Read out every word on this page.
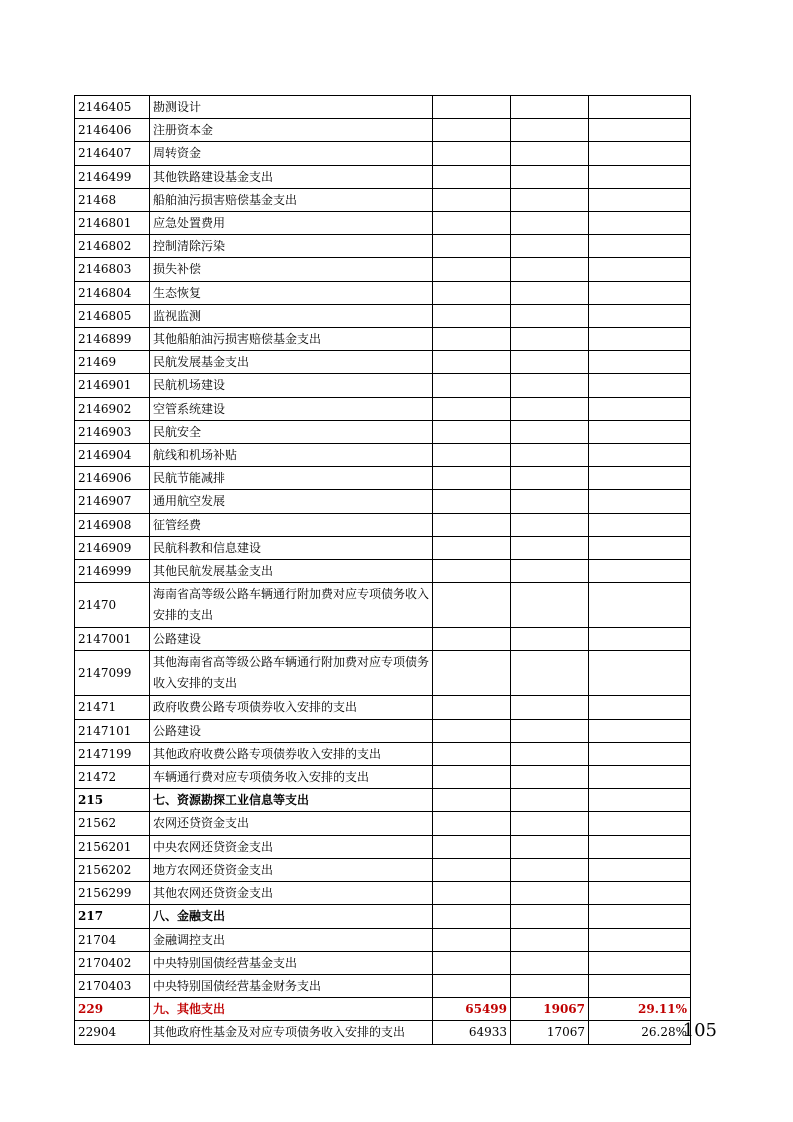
2146405	勘测设计			
2146406	注册资本金			
2146407	周转资金			
2146499	其他铁路建设基金支出			
21468	船舶油污损害赔偿基金支出			
2146801	应急处置费用			
2146802	控制清除污染			
2146803	损失补偿			
2146804	生态恢复			
2146805	监视监测			
2146899	其他船舶油污损害赔偿基金支出			
21469	民航发展基金支出			
2146901	民航机场建设			
2146902	空管系统建设			
2146903	民航安全			
2146904	航线和机场补贴			
2146906	民航节能减排			
2146907	通用航空发展			
2146908	征管经费			
2146909	民航科教和信息建设			
2146999	其他民航发展基金支出			
21470	海南省高等级公路车辆通行附加费对应专项债务收入安排的支出			
2147001	公路建设			
2147099	其他海南省高等级公路车辆通行附加费对应专项债务收入安排的支出			
21471	政府收费公路专项债券收入安排的支出			
2147101	公路建设			
2147199	其他政府收费公路专项债券收入安排的支出			
21472	车辆通行费对应专项债务收入安排的支出			
215	七、资源勘探工业信息等支出			
21562	农网还贷资金支出			
2156201	中央农网还贷资金支出			
2156202	地方农网还贷资金支出			
2156299	其他农网还贷资金支出			
217	八、金融支出			
21704	金融调控支出			
2170402	中央特别国债经营基金支出			
2170403	中央特别国债经营基金财务支出			
229	九、其他支出	65499	19067	29.11%
22904	其他政府性基金及对应专项债务收入安排的支出	64933	17067	26.28%
105
